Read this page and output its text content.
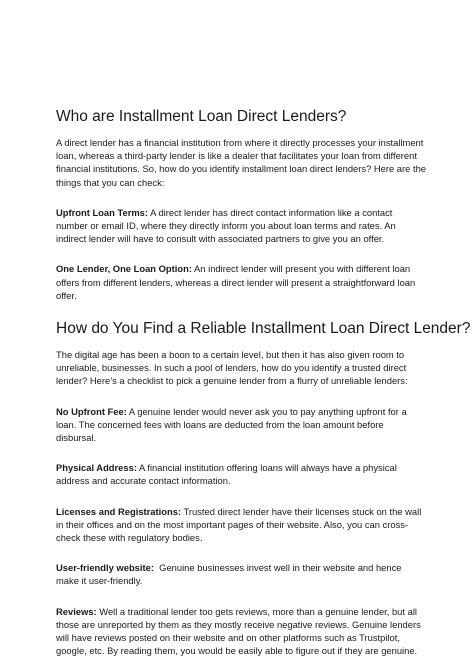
Who are Installment Loan Direct Lenders?

A direct lender has a financial institution from where it directly processes your installment loan, whereas a third-party lender is like a dealer that facilitates your loan from different financial institutions. So, how do you identify installment loan direct lenders? Here are the things that you can check:

Upfront Loan Terms: A direct lender has direct contact information like a contact number or email ID, where they directly inform you about loan terms and rates. An indirect lender will have to consult with associated partners to give you an offer.

One Lender, One Loan Option: An indirect lender will present you with different loan offers from different lenders, whereas a direct lender will present a straightforward loan offer.

How do You Find a Reliable Installment Loan Direct Lender?

The digital age has been a boon to a certain level, but then it has also given room to unreliable, businesses. In such a pool of lenders, how do you identify a trusted direct lender? Here’s a checklist to pick a genuine lender from a flurry of unreliable lenders:

No Upfront Fee: A genuine lender would never ask you to pay anything upfront for a loan. The concerned fees with loans are deducted from the loan amount before disbursal.

Physical Address: A financial institution offering loans will always have a physical address and accurate contact information.

Licenses and Registrations: Trusted direct lender have their licenses stuck on the wall in their offices and on the most important pages of their website. Also, you can cross-check these with regulatory bodies.

User-friendly website:  Genuine businesses invest well in their website and hence make it user-friendly.

Reviews: Well a traditional lender too gets reviews, more than a genuine lender, but all those are unreported by them as they mostly receive negative reviews. Genuine lenders will have reviews posted on their website and on other platforms such as Trustpilot, google, etc. By reading them, you would be easily able to figure out if they are genuine.
